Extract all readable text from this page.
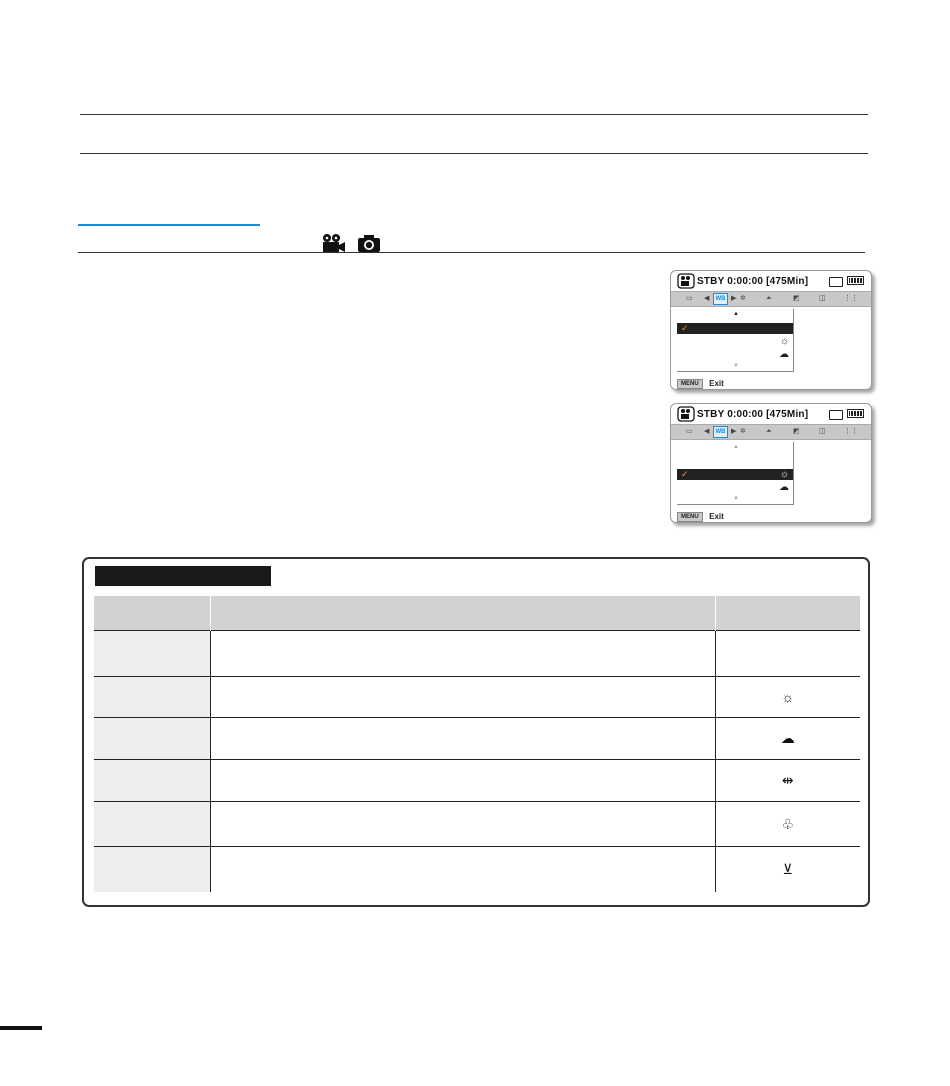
STBY 0:00:00 [475Min]
▭ ◀	WB ▶ ✲	⏶	◩	◫	⋮⋮
▲
✓
☼
☁
▼
MENU Exit
STBY 0:00:00 [475Min]
▭ ◀	WB ▶ ✲	⏶	◩	◫	⋮⋮
▲
✓	☼
☁
▼
MENU Exit

		☼
		☁
		⇹
		♧
		⊻
